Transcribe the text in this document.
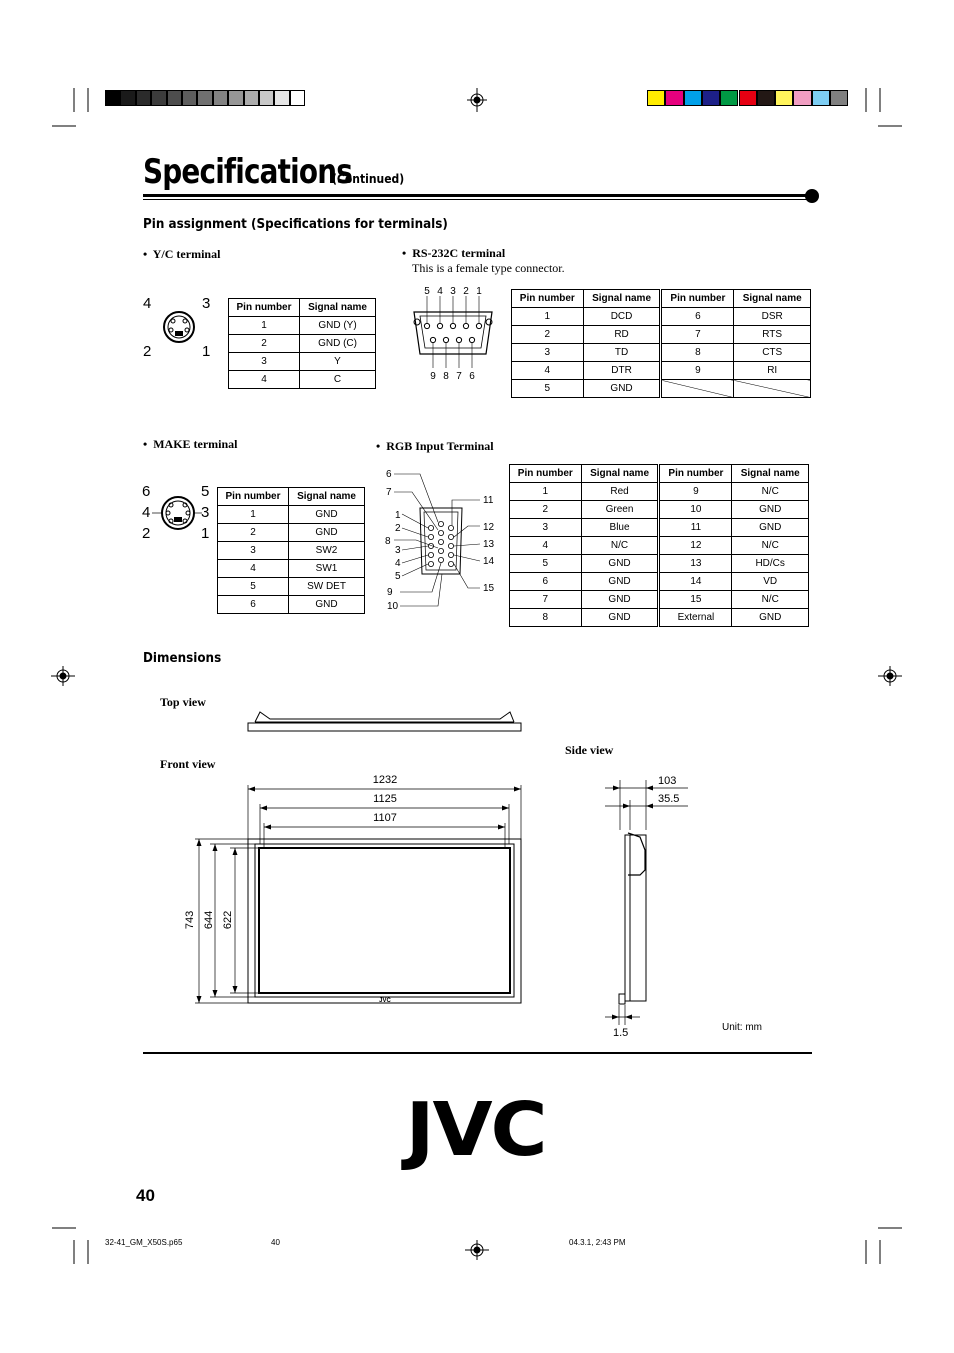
Specifications
(Continued)
Pin assignment (Specifications for terminals)
•  Y/C terminal
4	3
2	1
Pin number	Signal name
1	GND (Y)
2	GND (C)
3	Y
4	C
•  RS-232C terminal
This is a female type connector.
5 4 3 2 1
9 8 7 6
Pin number	Signal name	Pin number	Signal name
1	DCD	6	DSR
2	RD	7	RTS
3	TD	8	CTS
4	DTR	9	RI
5	GND		
•  MAKE terminal
6	5
4	3
2	1
Pin number	Signal name
1	GND
2	GND
3	SW2
4	SW1
5	SW DET
6	GND
•  RGB Input Terminal
6
7
1
2
8
3
4
5
9
10
11
12
13
14
15
Pin number	Signal name	Pin number	Signal name
1	Red	9	N/C
2	Green	10	GND
3	Blue	11	GND
4	N/C	12	N/C
5	GND	13	HD/Cs
6	GND	14	VD
7	GND	15	N/C
8	GND	External	GND
Dimensions
Top view
Front view
Side view
JVC
1232
1125
1107
743 644 622
103
35.5
1.5	Unit: mm
JVC
40
32-41_GM_X50S.p65	40	04.3.1, 2:43 PM
